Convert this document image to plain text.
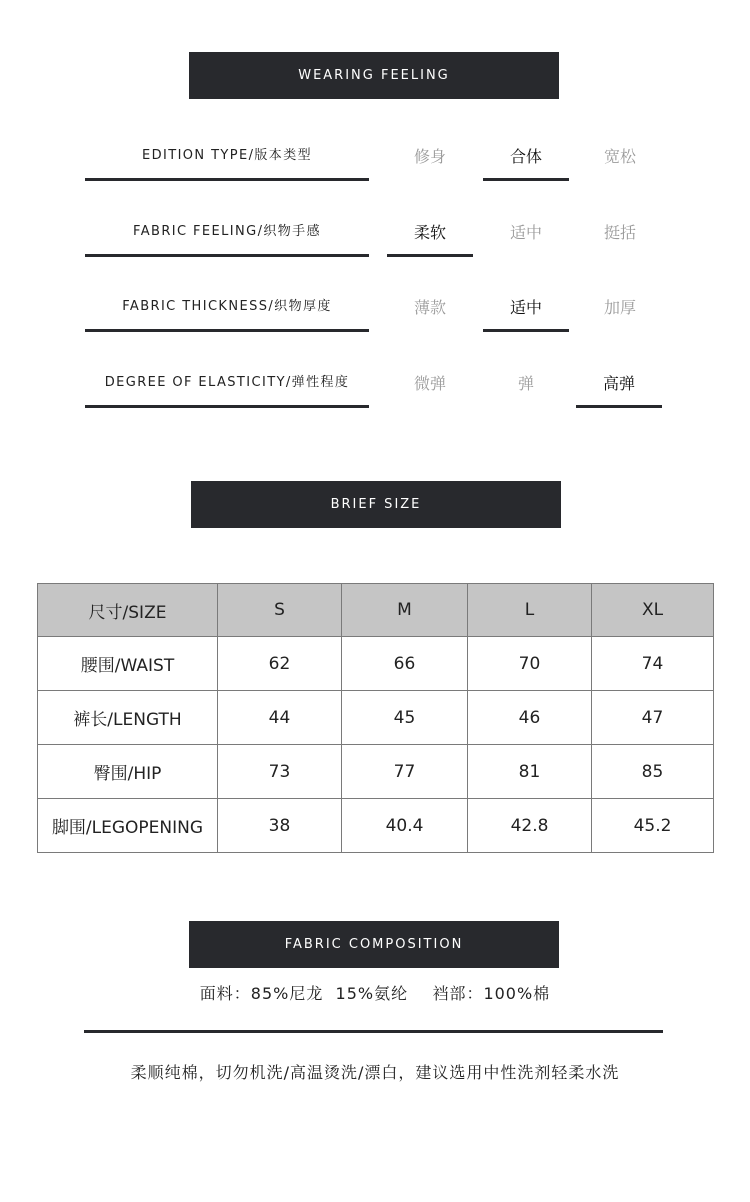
WEARING FEELING
EDITION TYPE/版本类型	修身	合体	宽松
FABRIC FEELING/织物手感	柔软	适中	挺括
FABRIC THICKNESS/织物厚度	薄款	适中	加厚
DEGREE OF ELASTICITY/弹性程度	微弹	弹	高弹
BRIEF SIZE
尺寸/SIZE	S	M	L	XL
腰围/WAIST	62	66	70	74
裤长/LENGTH	44	45	46	47
臀围/HIP	73	77	81	85
脚围/LEGOPENING	38	40.4	42.8	45.2
FABRIC COMPOSITION
面料：85%尼龙  15%氨纶    裆部：100%棉
柔顺纯棉，切勿机洗/高温烫洗/漂白，建议选用中性洗剂轻柔水洗
